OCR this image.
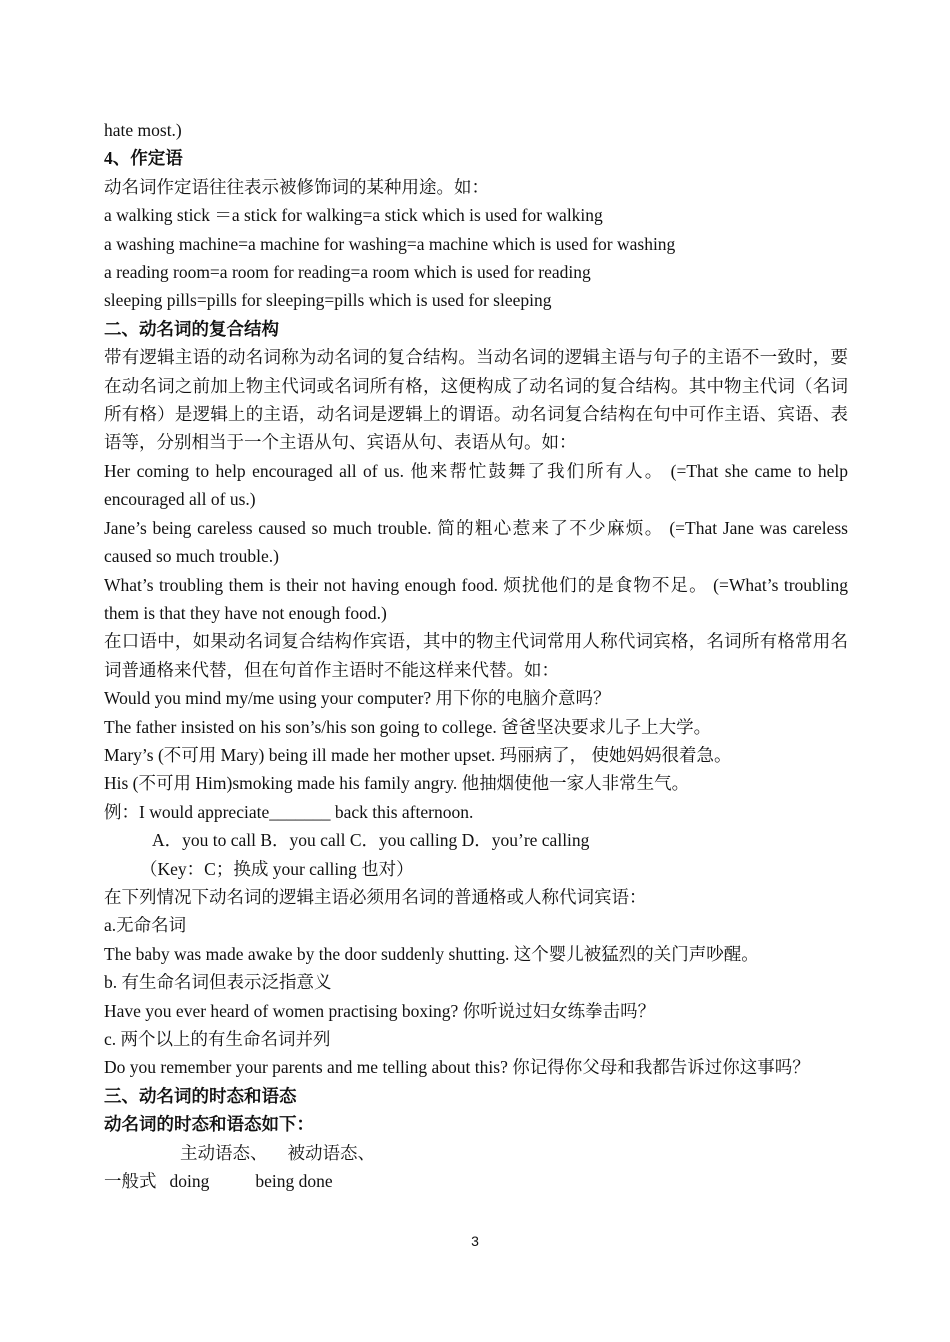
hate most.)
4、作定语
动名词作定语往往表示被修饰词的某种用途。如：
a walking stick ＝a stick for walking=a stick which is used for walking
a washing machine=a machine for washing=a machine which is used for washing
a reading room=a room for reading=a room which is used for reading
sleeping pills=pills for sleeping=pills which is used for sleeping
二、动名词的复合结构
带有逻辑主语的动名词称为动名词的复合结构。当动名词的逻辑主语与句子的主语不一致时，要在动名词之前加上物主代词或名词所有格，这便构成了动名词的复合结构。其中物主代词（名词所有格）是逻辑上的主语，动名词是逻辑上的谓语。动名词复合结构在句中可作主语、宾语、表语等，分别相当于一个主语从句、宾语从句、表语从句。如：
Her coming to help encouraged all of us. 他来帮忙鼓舞了我们所有人。 (=That she came to help encouraged all of us.)
Jane’s being careless caused so much trouble. 简的粗心惹来了不少麻烦。 (=That Jane was careless caused so much trouble.)
What’s troubling them is their not having enough food. 烦扰他们的是食物不足。 (=What’s troubling them is that they have not enough food.)
在口语中，如果动名词复合结构作宾语，其中的物主代词常用人称代词宾格，名词所有格常用名词普通格来代替，但在句首作主语时不能这样来代替。如：
Would you mind my/me using your computer? 用下你的电脑介意吗？
The father insisted on his son’s/his son going to college. 爸爸坚决要求儿子上大学。
Mary’s (不可用 Mary) being ill made her mother upset. 玛丽病了， 使她妈妈很着急。
His (不可用 Him)smoking made his family angry. 他抽烟使他一家人非常生气。
例：I would appreciate_______ back this afternoon.
A．you to call B．you call C．you calling D．you’re calling
（Key：C；换成 your calling 也对）
在下列情况下动名词的逻辑主语必须用名词的普通格或人称代词宾语：
a.无命名词
The baby was made awake by the door suddenly shutting. 这个婴儿被猛烈的关门声吵醒。
b. 有生命名词但表示泛指意义
Have you ever heard of women practising boxing? 你听说过妇女练拳击吗？
c. 两个以上的有生命名词并列
Do you remember your parents and me telling about this? 你记得你父母和我都告诉过你这事吗？
三、动名词的时态和语态
动名词的时态和语态如下：
主动语态、 被动语态、
一般式 doing	being done
3
